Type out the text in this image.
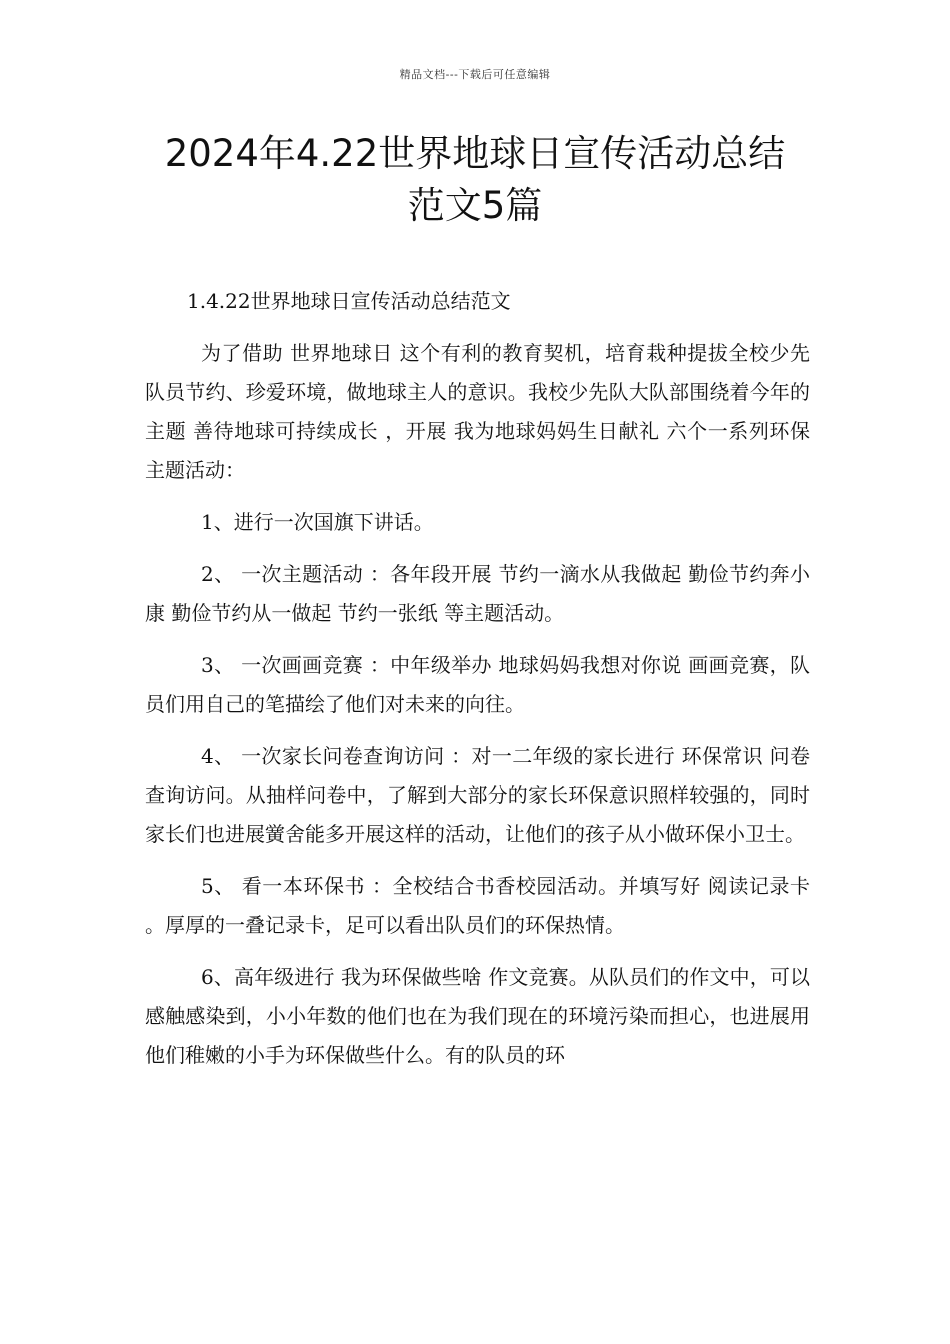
精品文档---下载后可任意编辑
2024年4.22世界地球日宣传活动总结
范文5篇

1.4.22世界地球日宣传活动总结范文

为了借助 世界地球日 这个有利的教育契机，培育栽种提拔全校少先队员节约、珍爱环境，做地球主人的意识。我校少先队大队部围绕着今年的主题 善待地球可持续成长 ，开展 我为地球妈妈生日献礼 六个一系列环保主题活动：

1、进行一次国旗下讲话。

2、 一次主题活动 ：各年段开展 节约一滴水从我做起 勤俭节约奔小康 勤俭节约从一做起 节约一张纸 等主题活动。

3、 一次画画竞赛 ：中年级举办 地球妈妈我想对你说 画画竞赛，队员们用自己的笔描绘了他们对未来的向往。

4、 一次家长问卷查询访问 ：对一二年级的家长进行 环保常识 问卷查询访问。从抽样问卷中，了解到大部分的家长环保意识照样较强的，同时家长们也进展黉舍能多开展这样的活动，让他们的孩子从小做环保小卫士。

5、 看一本环保书 ：全校结合书香校园活动。并填写好 阅读记录卡 。厚厚的一叠记录卡，足可以看出队员们的环保热情。

6、高年级进行 我为环保做些啥 作文竞赛。从队员们的作文中，可以感触感染到，小小年数的他们也在为我们现在的环境污染而担心，也进展用他们稚嫩的小手为环保做些什么。有的队员的环
